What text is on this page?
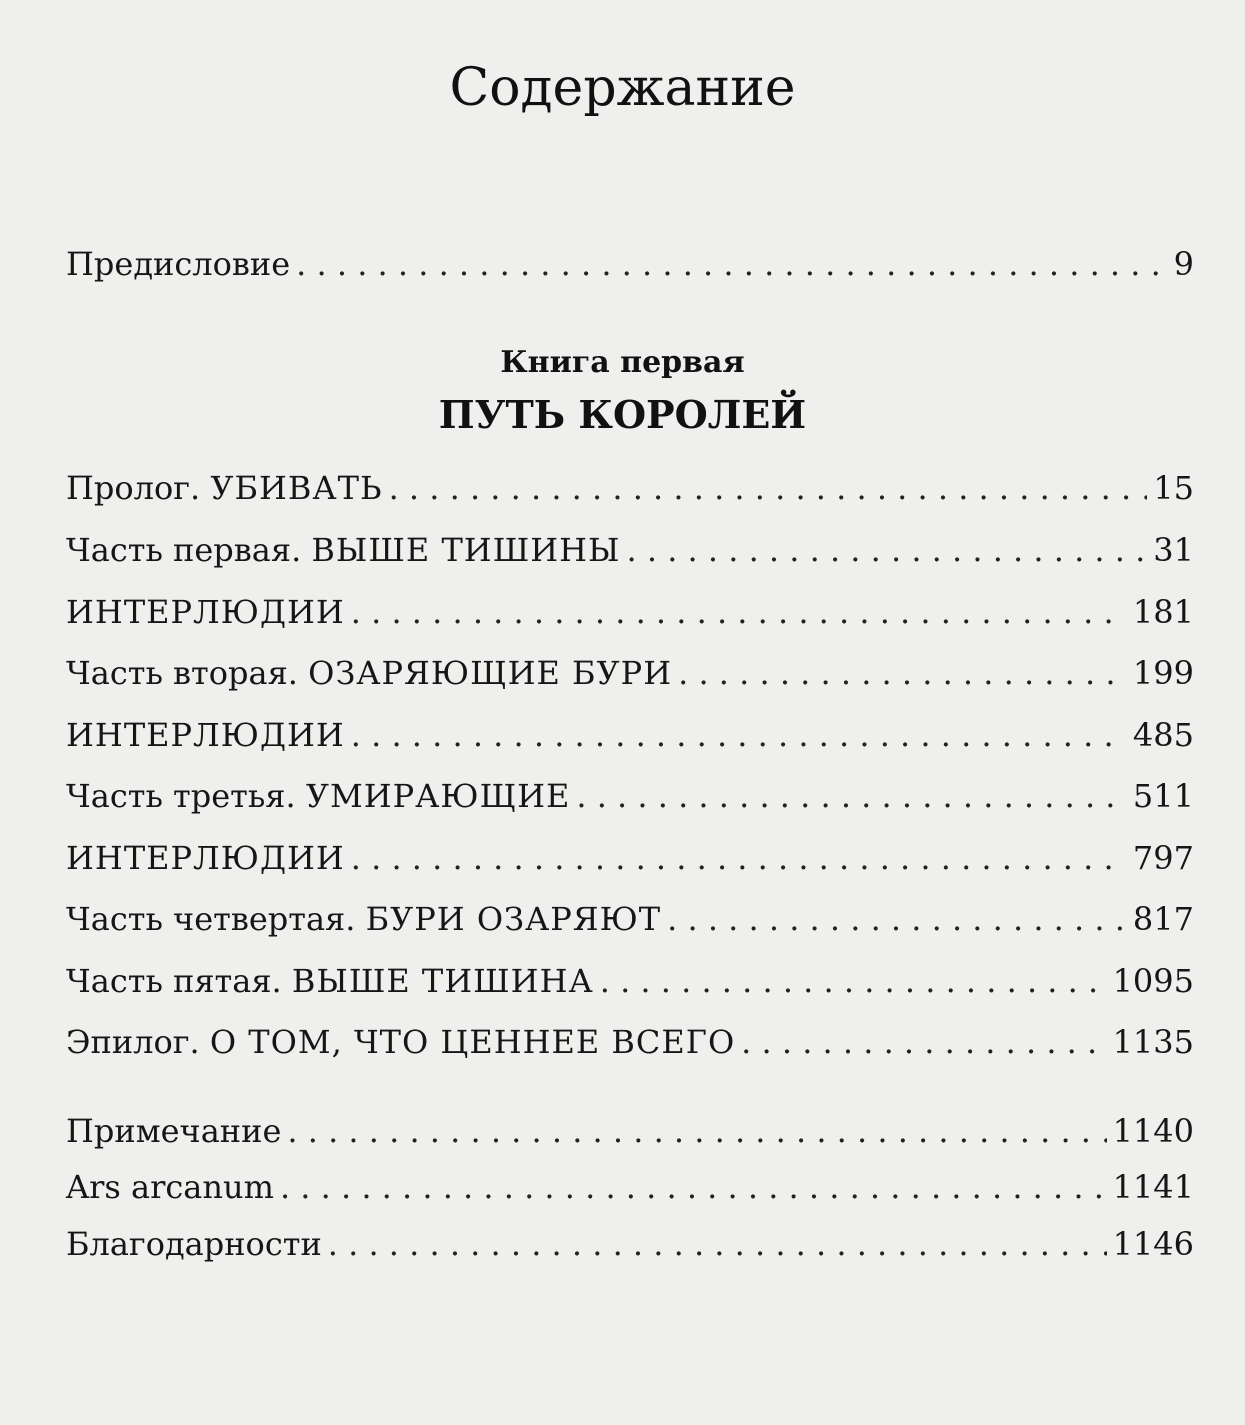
Содержание
Предисловие . . .	9
Книга первая
ПУТЬ КОРОЛЕЙ
Пролог. УБИВАТЬ . . .	15
Часть первая. ВЫШЕ ТИШИНЫ . . .	31
ИНТЕРЛЮДИИ . . .	181
Часть вторая. ОЗАРЯЮЩИЕ БУРИ . . .	199
ИНТЕРЛЮДИИ . . .	485
Часть третья. УМИРАЮЩИЕ . . .	511
ИНТЕРЛЮДИИ . . .	797
Часть четвертая. БУРИ ОЗАРЯЮТ . . .	817
Часть пятая. ВЫШЕ ТИШИНА . . .	1095
Эпилог. О ТОМ, ЧТО ЦЕННЕЕ ВСЕГО . . .	1135
Примечание . . .	1140
Ars arcanum . . .	1141
Благодарности . . .	1146
